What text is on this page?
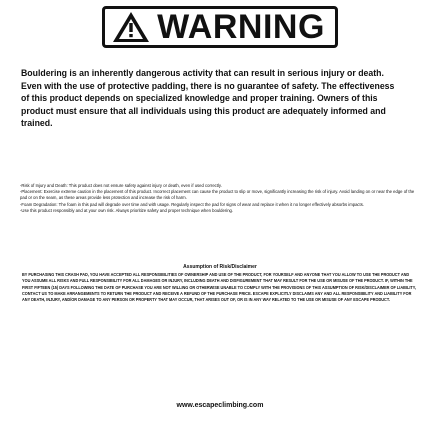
WARNING
Bouldering is an inherently dangerous activity that can result in serious injury or death. Even with the use of protective padding, there is no guarantee of safety. The effectiveness of this product depends on specialized knowledge and proper training. Owners of this product must ensure that all individuals using this product are adequately informed and trained.
-Risk of Injury and Death: This product does not ensure safety against injury or death, even if used correctly.
-Placement: Exercise extreme caution in the placement of this product. Incorrect placement can cause the product to slip or move, significantly increasing the risk of injury. Avoid landing on or near the edge of the pad or on the seam, as these areas provide less protection and increase the risk of harm.
-Foam Degradation: The foam in this pad will degrade over time and with usage. Regularly inspect the pad for signs of wear and replace it when it no longer effectively absorbs impacts.
-Use this product responsibly and at your own risk. Always prioritize safety and proper technique when bouldering.
Assumption of Risk/Disclaimer
BY PURCHASING THIS CRASH PAD, YOU HAVE ACCEPTED ALL RESPONSIBILITIES OF OWNERSHIP AND USE OF THE PRODUCT, FOR YOURSELF AND ANYONE THAT YOU ALLOW TO USE THE PRODUCT AND YOU ASSUME ALL RISKS AND FULL RESPONSIBILITY FOR ALL DAMAGES OR INJURY, INCLUDING DEATH AND DISFIGUREMENT THAT MAY RESULT FOR THE USE OR MISUSE OF THE PRODUCT. IF, WITHIN THE FIRST FIFTEEN (15) DAYS FOLLOWING THE DATE OF PURCHASE YOU ARE NOT WILLING OR OTHERWISE UNABLE TO COMPLY WITH THE PROVISIONS OF THIS ASSUMPTION OF RISK/DISCLAIMER OF LIABILITY, CONTACT US TO MAKE ARRANGEMENTS TO RETURN THE PRODUCT AND RECEIVE A REFUND OF THE PURCHASE PRICE. ESCAPE EXPLICITLY DISCLAIMS ANY AND ALL RESPONSIBILITY AND LIABILITY FOR ANY DEATH, INJURY, AND/OR DAMAGE TO ANY PERSON OR PROPERTY THAT MAY OCCUR, THAT ARISES OUT OF, OR IS IN ANY WAY RELATED TO THE USE OR MISUSE OF ANY ESCAPE PRODUCT.
www.escapeclimbing.com
